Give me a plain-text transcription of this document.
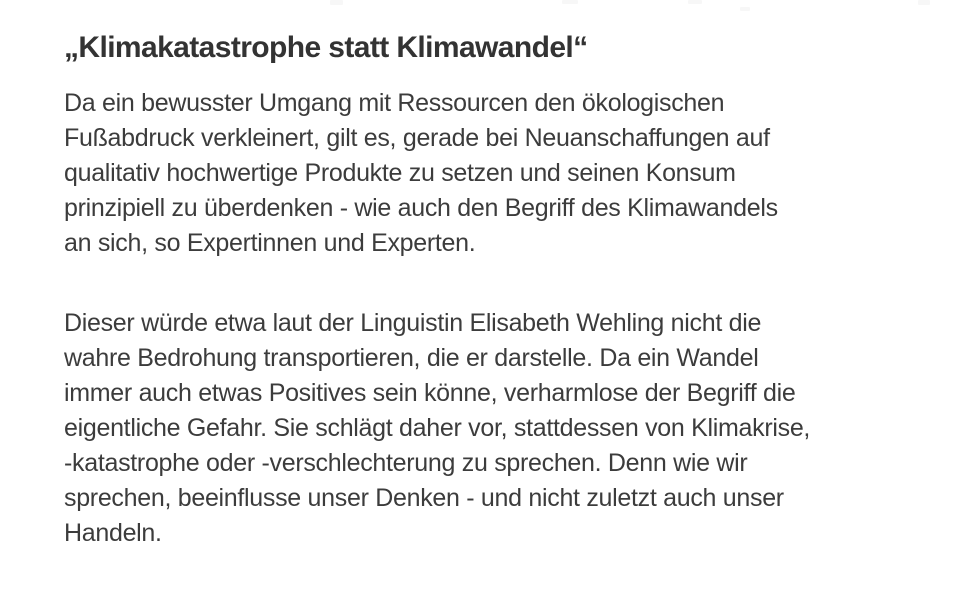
„Klimakatastrophe statt Klimawandel“
Da ein bewusster Umgang mit Ressourcen den ökologischen
Fußabdruck verkleinert, gilt es, gerade bei Neuanschaffungen auf
qualitativ hochwertige Produkte zu setzen und seinen Konsum
prinzipiell zu überdenken - wie auch den Begriff des Klimawandels
an sich, so Expertinnen und Experten.
Dieser würde etwa laut der Linguistin Elisabeth Wehling nicht die
wahre Bedrohung transportieren, die er darstelle. Da ein Wandel
immer auch etwas Positives sein könne, verharmlose der Begriff die
eigentliche Gefahr. Sie schlägt daher vor, stattdessen von Klimakrise,
-katastrophe oder -verschlechterung zu sprechen. Denn wie wir
sprechen, beeinflusse unser Denken - und nicht zuletzt auch unser
Handeln.
